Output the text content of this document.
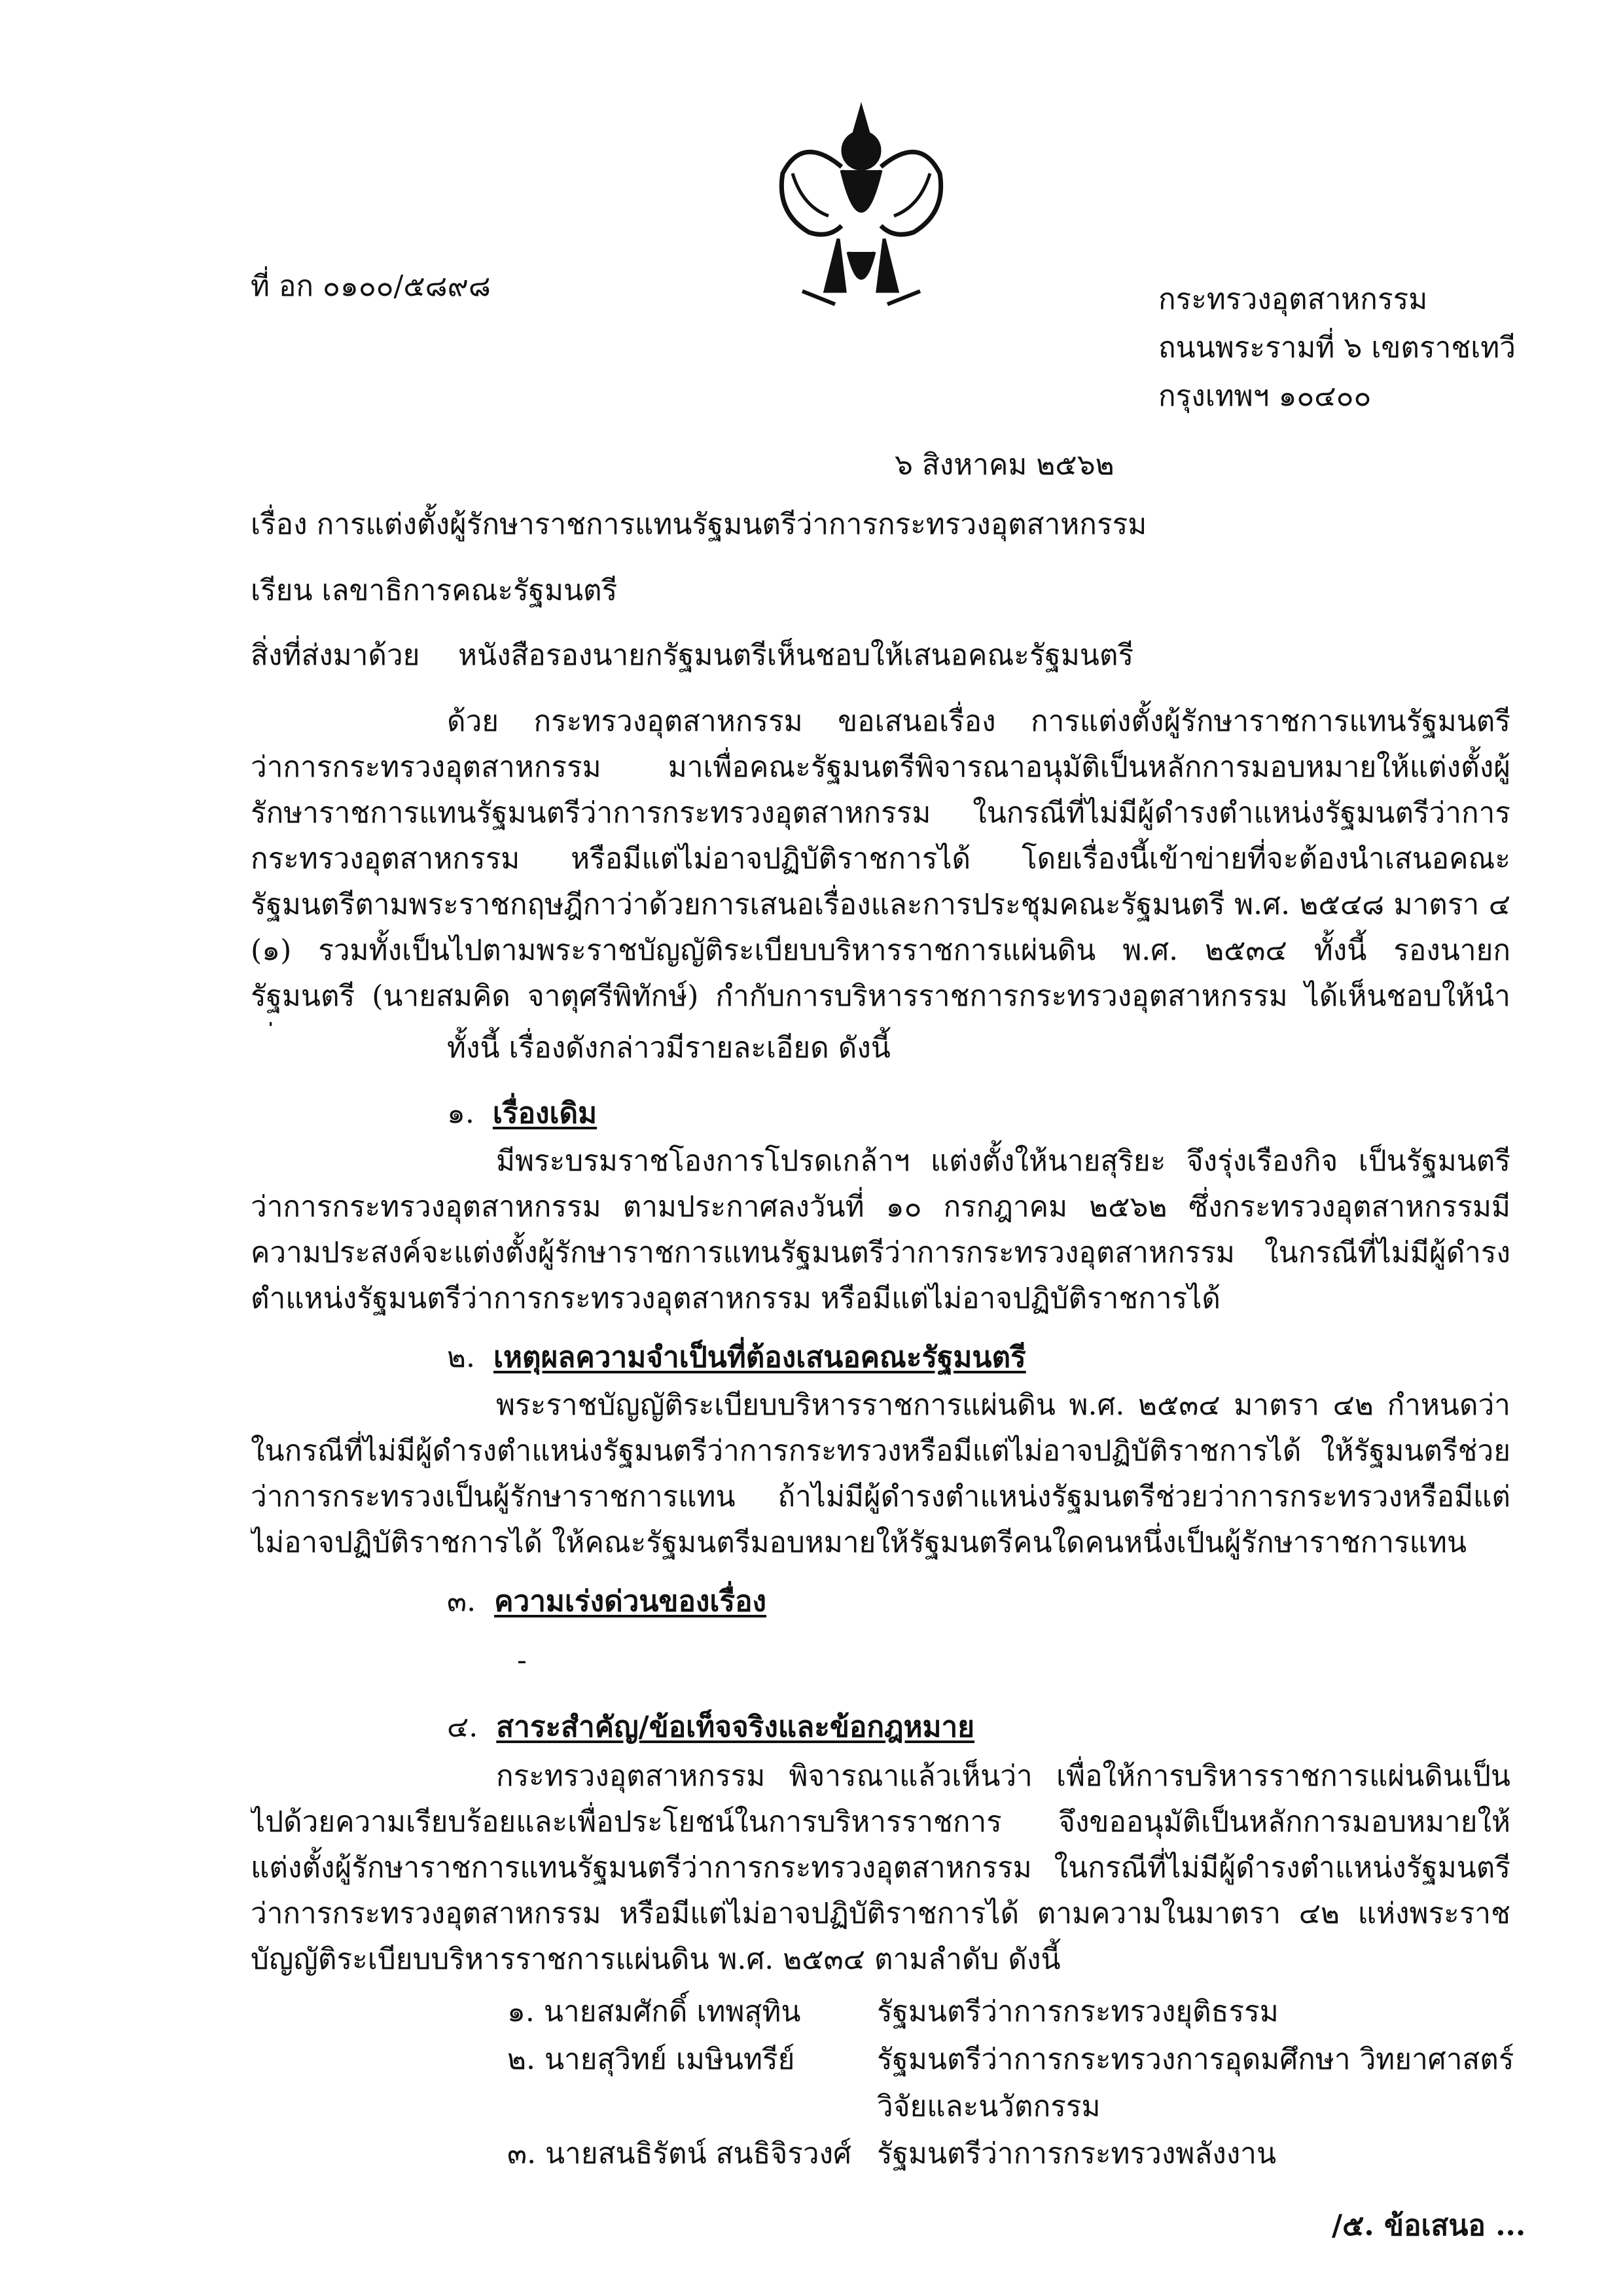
ที่ อก ๐๑๐๐/๕๘๙๘	กระทรวงอุตสาหกรรม
ถนนพระรามที่ ๖ เขตราชเทวี
กรุงเทพฯ ๑๐๔๐๐
๖ สิงหาคม ๒๕๖๒
เรื่อง การแต่งตั้งผู้รักษาราชการแทนรัฐมนตรีว่าการกระทรวงอุตสาหกรรม
เรียน เลขาธิการคณะรัฐมนตรี
สิ่งที่ส่งมาด้วย หนังสือรองนายกรัฐมนตรีเห็นชอบให้เสนอคณะรัฐมนตรี
ด้วย กระทรวงอุตสาหกรรม ขอเสนอเรื่อง การแต่งตั้งผู้รักษาราชการแทนรัฐมนตรีว่าการกระทรวงอุตสาหกรรม มาเพื่อคณะรัฐมนตรีพิจารณาอนุมัติเป็นหลักการมอบหมายให้แต่งตั้งผู้รักษาราชการแทนรัฐมนตรีว่าการกระทรวงอุตสาหกรรม ในกรณีที่ไม่มีผู้ดำรงตำแหน่งรัฐมนตรีว่าการกระทรวงอุตสาหกรรม หรือมีแต่ไม่อาจปฏิบัติราชการได้ โดยเรื่องนี้เข้าข่ายที่จะต้องนำเสนอคณะรัฐมนตรีตามพระราชกฤษฎีกาว่าด้วยการเสนอเรื่องและการประชุมคณะรัฐมนตรี พ.ศ. ๒๕๔๘ มาตรา ๔ (๑) รวมทั้งเป็นไปตามพระราชบัญญัติระเบียบบริหารราชการแผ่นดิน พ.ศ. ๒๕๓๔ ทั้งนี้ รองนายกรัฐมนตรี (นายสมคิด จาตุศรีพิทักษ์) กำกับการบริหารราชการกระทรวงอุตสาหกรรม ได้เห็นชอบให้นำ
ทั้งนี้ เรื่องดังกล่าวมีรายละเอียด ดังนี้
๑. เรื่องเดิม
มีพระบรมราชโองการโปรดเกล้าฯ แต่งตั้งให้นายสุริยะ จึงรุ่งเรืองกิจ เป็นรัฐมนตรีว่าการกระทรวงอุตสาหกรรม ตามประกาศลงวันที่ ๑๐ กรกฎาคม ๒๕๖๒ ซึ่งกระทรวงอุตสาหกรรมมีความประสงค์จะแต่งตั้งผู้รักษาราชการแทนรัฐมนตรีว่าการกระทรวงอุตสาหกรรม ในกรณีที่ไม่มีผู้ดำรงตำแหน่งรัฐมนตรีว่าการกระทรวงอุตสาหกรรม หรือมีแต่ไม่อาจปฏิบัติราชการได้
๒. เหตุผลความจำเป็นที่ต้องเสนอคณะรัฐมนตรี
พระราชบัญญัติระเบียบบริหารราชการแผ่นดิน พ.ศ. ๒๕๓๔ มาตรา ๔๒ กำหนดว่า ในกรณีที่ไม่มีผู้ดำรงตำแหน่งรัฐมนตรีว่าการกระทรวงหรือมีแต่ไม่อาจปฏิบัติราชการได้ ให้รัฐมนตรีช่วยว่าการกระทรวงเป็นผู้รักษาราชการแทน ถ้าไม่มีผู้ดำรงตำแหน่งรัฐมนตรีช่วยว่าการกระทรวงหรือมีแต่ไม่อาจปฏิบัติราชการได้ ให้คณะรัฐมนตรีมอบหมายให้รัฐมนตรีคนใดคนหนึ่งเป็นผู้รักษาราชการแทน
๓. ความเร่งด่วนของเรื่อง
-
๔. สาระสำคัญ/ข้อเท็จจริงและข้อกฎหมาย
กระทรวงอุตสาหกรรม พิจารณาแล้วเห็นว่า เพื่อให้การบริหารราชการแผ่นดินเป็นไปด้วยความเรียบร้อยและเพื่อประโยชน์ในการบริหารราชการ จึงขออนุมัติเป็นหลักการมอบหมายให้แต่งตั้งผู้รักษาราชการแทนรัฐมนตรีว่าการกระทรวงอุตสาหกรรม ในกรณีที่ไม่มีผู้ดำรงตำแหน่งรัฐมนตรีว่าการกระทรวงอุตสาหกรรม หรือมีแต่ไม่อาจปฏิบัติราชการได้ ตามความในมาตรา ๔๒ แห่งพระราชบัญญัติระเบียบบริหารราชการแผ่นดิน พ.ศ. ๒๕๓๔ ตามลำดับ ดังนี้
๑. นายสมศักดิ์ เทพสุทิน	รัฐมนตรีว่าการกระทรวงยุติธรรม
๒. นายสุวิทย์ เมษินทรีย์	รัฐมนตรีว่าการกระทรวงการอุดมศึกษา วิทยาศาสตร์
วิจัยและนวัตกรรม
๓. นายสนธิรัตน์ สนธิจิรวงศ์ รัฐมนตรีว่าการกระทรวงพลังงาน
/๕. ข้อเสนอ ...
